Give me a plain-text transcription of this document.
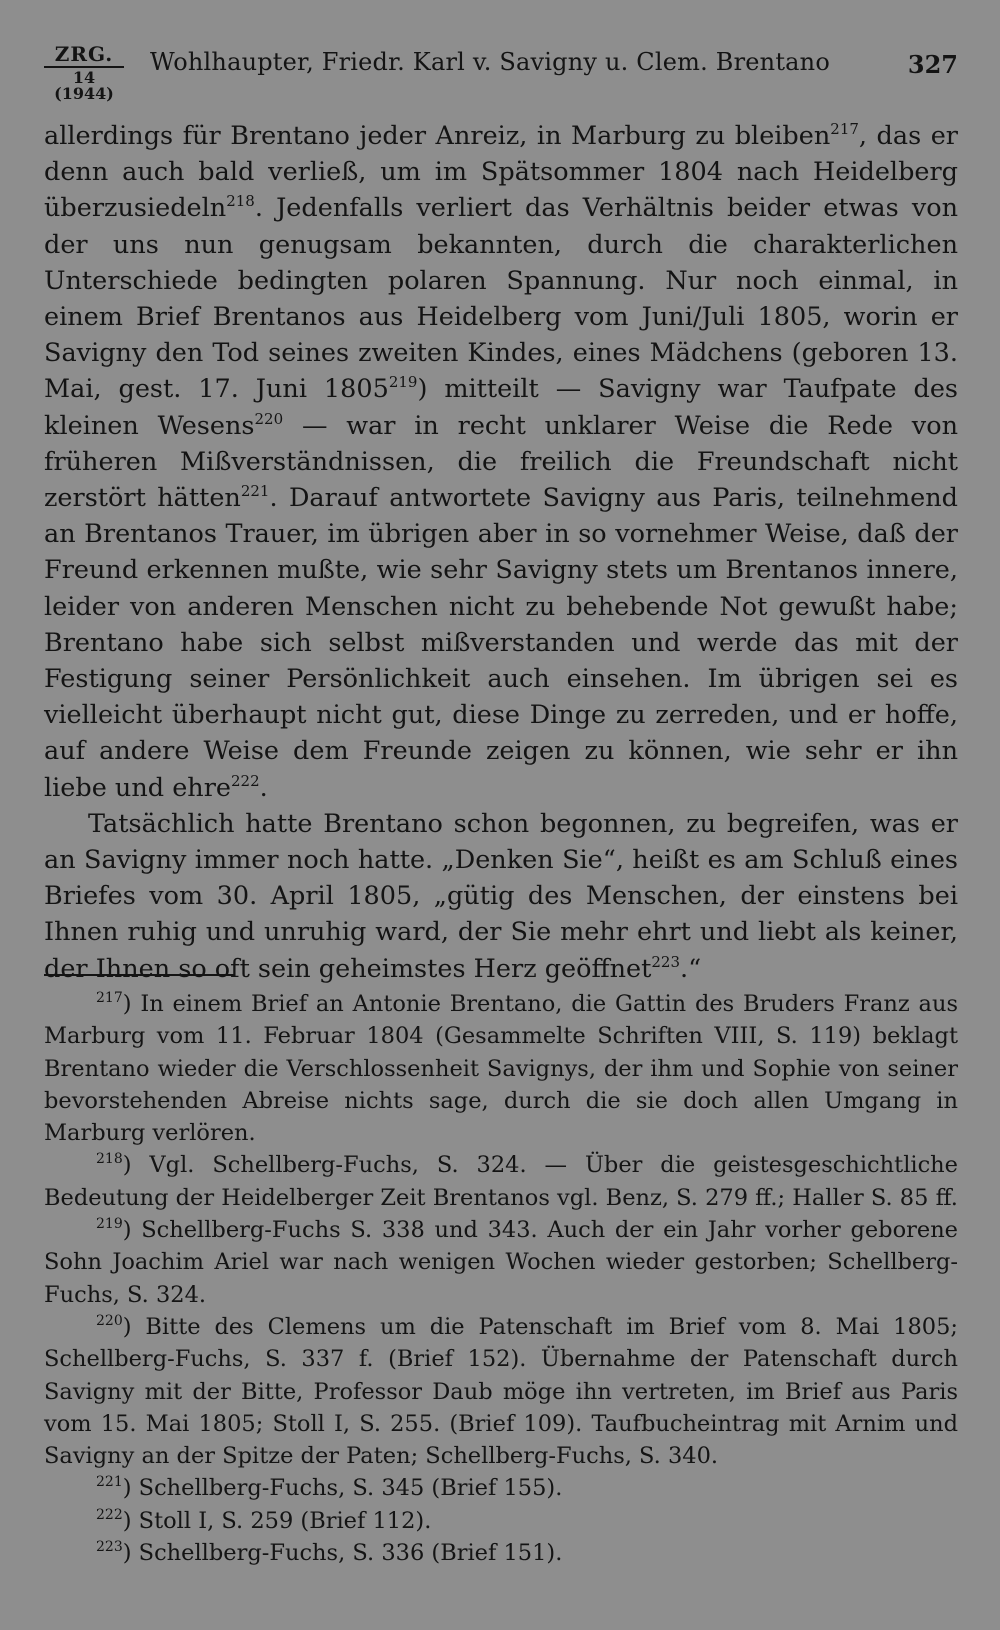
ZRG.
14 (1944)
Wohlhaupter, Friedr. Karl v. Savigny u. Clem. Brentano	327

allerdings für Brentano jeder Anreiz, in Marburg zu bleiben$^{217}$, das er denn auch bald verließ, um im Spätsommer 1804 nach Heidelberg überzusiedeln$^{218}$. Jedenfalls verliert das Verhältnis beider etwas von der uns nun genugsam bekannten, durch die charakterlichen Unterschiede bedingten polaren Spannung. Nur noch einmal, in einem Brief Brentanos aus Heidelberg vom Juni/Juli 1805, worin er Savigny den Tod seines zweiten Kindes, eines Mädchens (geboren 13. Mai, gest. 17. Juni 1805$^{219}$) mitteilt — Savigny war Taufpate des kleinen Wesens$^{220}$ — war in recht unklarer Weise die Rede von früheren Mißverständnissen, die freilich die Freundschaft nicht zerstört hätten$^{221}$. Darauf antwortete Savigny aus Paris, teilnehmend an Brentanos Trauer, im übrigen aber in so vornehmer Weise, daß der Freund erkennen mußte, wie sehr Savigny stets um Brentanos innere, leider von anderen Menschen nicht zu behebende Not gewußt habe; Brentano habe sich selbst mißverstanden und werde das mit der Festigung seiner Persönlichkeit auch einsehen. Im übrigen sei es vielleicht überhaupt nicht gut, diese Dinge zu zerreden, und er hoffe, auf andere Weise dem Freunde zeigen zu können, wie sehr er ihn liebe und ehre$^{222}$.

Tatsächlich hatte Brentano schon begonnen, zu begreifen, was er an Savigny immer noch hatte. „Denken Sie“, heißt es am Schluß eines Briefes vom 30. April 1805, „gütig des Menschen, der einstens bei Ihnen ruhig und unruhig ward, der Sie mehr ehrt und liebt als keiner, der Ihnen so oft sein geheimstes Herz geöffnet$^{223}$.“

$^{217}$) In einem Brief an Antonie Brentano, die Gattin des Bruders Franz aus Marburg vom 11. Februar 1804 (Gesammelte Schriften VIII, S. 119) beklagt Brentano wieder die Verschlossenheit Savignys, der ihm und Sophie von seiner bevorstehenden Abreise nichts sage, durch die sie doch allen Umgang in Marburg verlören.

$^{218}$) Vgl. Schellberg-Fuchs, S. 324. — Über die geistesgeschichtliche Bedeutung der Heidelberger Zeit Brentanos vgl. Benz, S. 279 ff.; Haller S. 85 ff.

$^{219}$) Schellberg-Fuchs S. 338 und 343. Auch der ein Jahr vorher geborene Sohn Joachim Ariel war nach wenigen Wochen wieder gestorben; Schellberg-Fuchs, S. 324.

$^{220}$) Bitte des Clemens um die Patenschaft im Brief vom 8. Mai 1805; Schellberg-Fuchs, S. 337 f. (Brief 152). Übernahme der Patenschaft durch Savigny mit der Bitte, Professor Daub möge ihn vertreten, im Brief aus Paris vom 15. Mai 1805; Stoll I, S. 255. (Brief 109). Taufbucheintrag mit Arnim und Savigny an der Spitze der Paten; Schellberg-Fuchs, S. 340.

$^{221}$) Schellberg-Fuchs, S. 345 (Brief 155).

$^{222}$) Stoll I, S. 259 (Brief 112).

$^{223}$) Schellberg-Fuchs, S. 336 (Brief 151).
